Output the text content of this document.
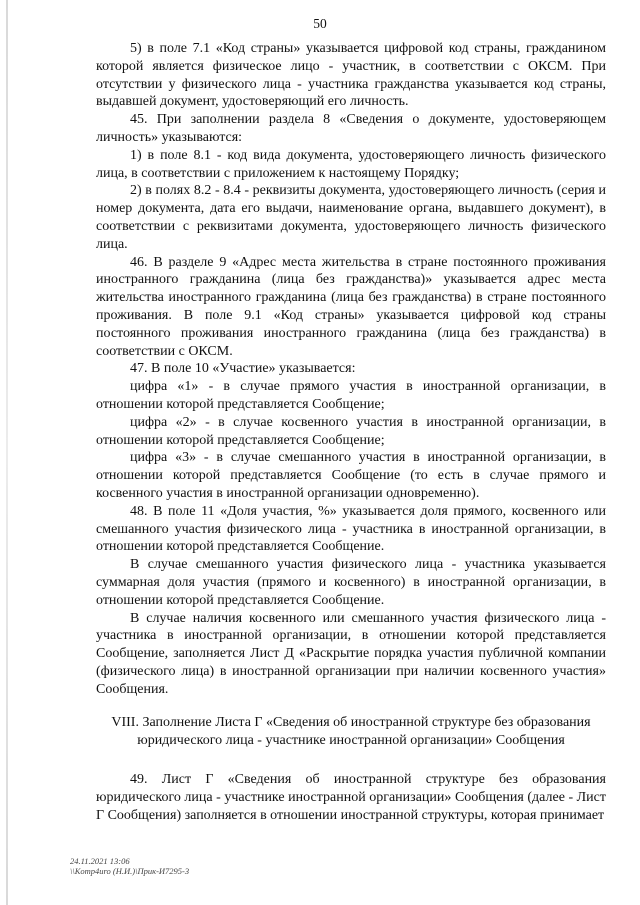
50

5) в поле 7.1 «Код страны» указывается цифровой код страны, гражданином которой является физическое лицо - участник, в соответствии с ОКСМ. При отсутствии у физического лица - участника гражданства указывается код страны, выдавшей документ, удостоверяющий его личность.

45. При заполнении раздела 8 «Сведения о документе, удостоверяющем личность» указываются:

1) в поле 8.1 - код вида документа, удостоверяющего личность физического лица, в соответствии с приложением к настоящему Порядку;

2) в полях 8.2 - 8.4 - реквизиты документа, удостоверяющего личность (серия и номер документа, дата его выдачи, наименование органа, выдавшего документ), в соответствии с реквизитами документа, удостоверяющего личность физического лица.

46. В разделе 9 «Адрес места жительства в стране постоянного проживания иностранного гражданина (лица без гражданства)» указывается адрес места жительства иностранного гражданина (лица без гражданства) в стране постоянного проживания. В поле 9.1 «Код страны» указывается цифровой код страны постоянного проживания иностранного гражданина (лица без гражданства) в соответствии с ОКСМ.

47. В поле 10 «Участие» указывается:

цифра «1» - в случае прямого участия в иностранной организации, в отношении которой представляется Сообщение;

цифра «2» - в случае косвенного участия в иностранной организации, в отношении которой представляется Сообщение;

цифра «3» - в случае смешанного участия в иностранной организации, в отношении которой представляется Сообщение (то есть в случае прямого и косвенного участия в иностранной организации одновременно).

48. В поле 11 «Доля участия, %» указывается доля прямого, косвенного или смешанного участия физического лица - участника в иностранной организации, в отношении которой представляется Сообщение.

В случае смешанного участия физического лица - участника указывается суммарная доля участия (прямого и косвенного) в иностранной организации, в отношении которой представляется Сообщение.

В случае наличия косвенного или смешанного участия физического лица - участника в иностранной организации, в отношении которой представляется Сообщение, заполняется Лист Д «Раскрытие порядка участия публичной компании (физического лица) в иностранной организации при наличии косвенного участия» Сообщения.

VIII. Заполнение Листа Г «Сведения об иностранной структуре без образования юридического лица - участнике иностранной организации» Сообщения

49. Лист Г «Сведения об иностранной структуре без образования юридического лица - участнике иностранной организации» Сообщения (далее - Лист Г Сообщения) заполняется в отношении иностранной структуры, которая принимает

24.11.2021 13:06
\\Komp4uro (Н.И.)\Прик-И7295-3
